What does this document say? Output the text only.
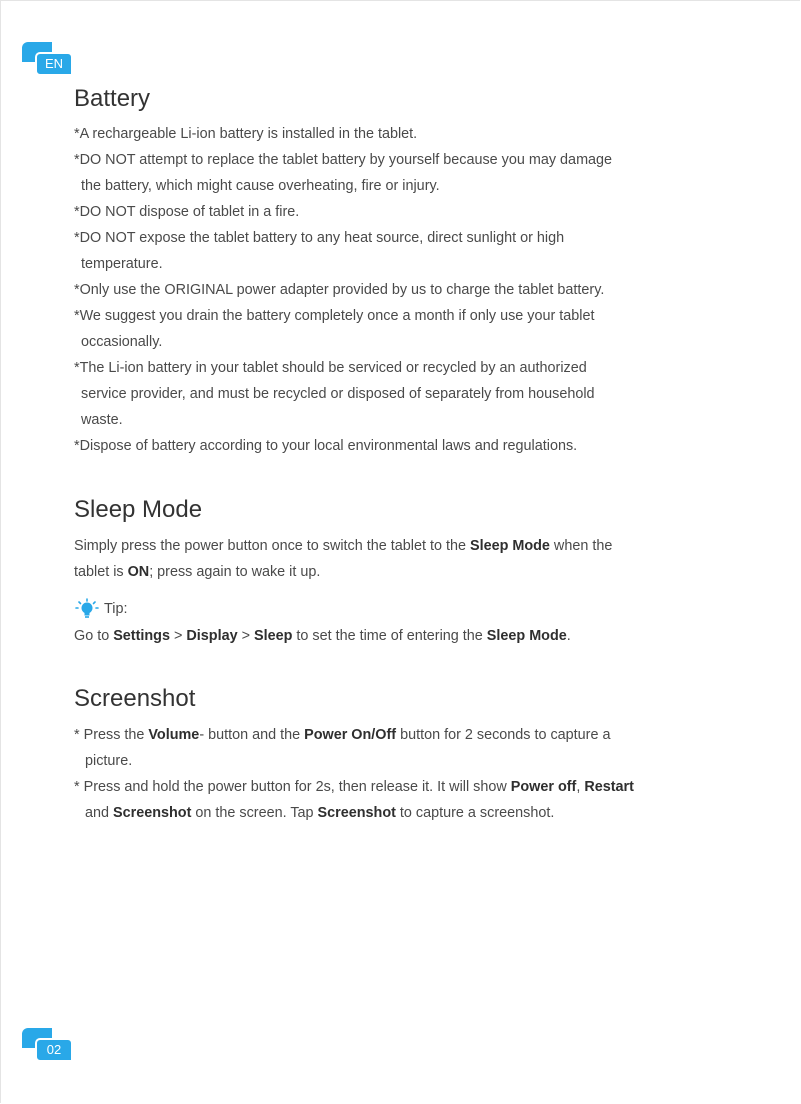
EN
Battery

*A rechargeable Li-ion battery is installed in the tablet.

*DO NOT attempt to replace the tablet battery by yourself because you may damage

the battery, which might cause overheating, fire or injury.

*DO NOT dispose of tablet in a fire.

*DO NOT expose the tablet battery to any heat source, direct sunlight or high

temperature.

*Only use the ORIGINAL power adapter provided by us to charge the tablet battery.

*We suggest you drain the battery completely once a month if only use your tablet

occasionally.

*The Li-ion battery in your tablet should be serviced or recycled by an authorized

service provider, and must be recycled or disposed of separately from household

waste.

*Dispose of battery according to your local environmental laws and regulations.

Sleep Mode

Simply press the power button once to switch the tablet to the Sleep Mode when the

tablet is ON; press again to wake it up.

Tip:

Go to Settings > Display > Sleep to set the time of entering the Sleep Mode.

Screenshot

* Press the Volume- button and the Power On/Off button for 2 seconds to capture a

picture.

* Press and hold the power button for 2s, then release it. It will show Power off, Restart

and Screenshot on the screen. Tap Screenshot to capture a screenshot.

02
